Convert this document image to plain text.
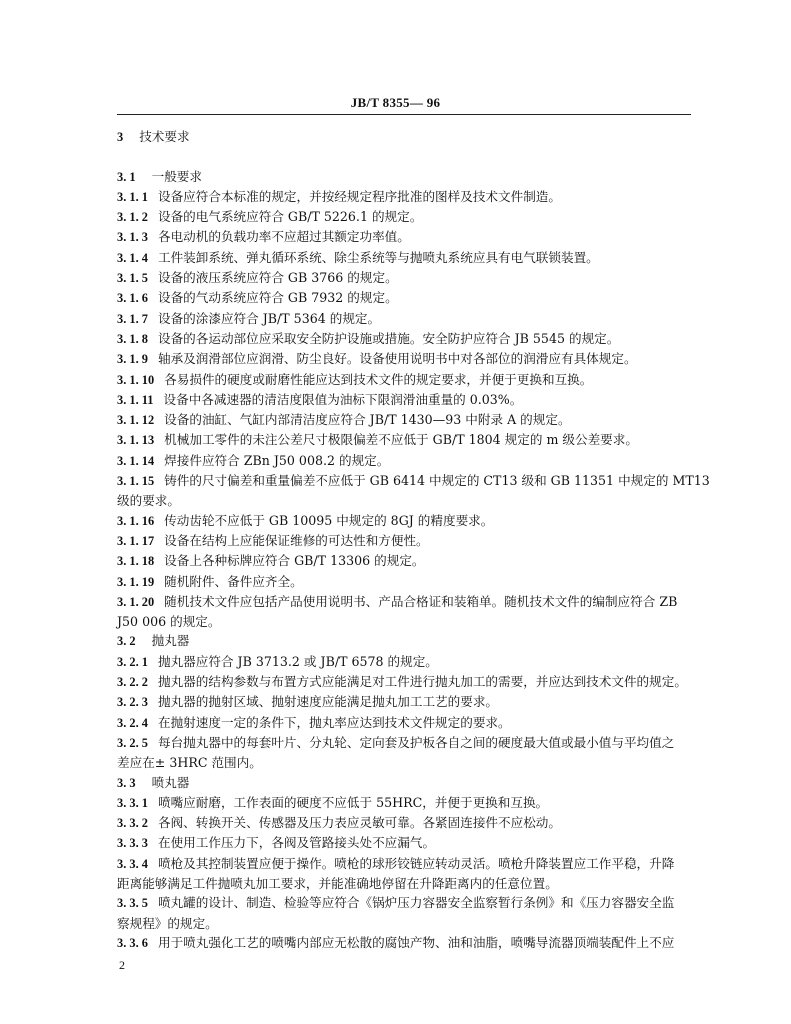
JB/T 8355— 96
3 技术要求

3. 1 一般要求
3. 1. 1 设备应符合本标准的规定，并按经规定程序批准的图样及技术文件制造。
3. 1. 2 设备的电气系统应符合 GB/T 5226.1 的规定。
3. 1. 3 各电动机的负载功率不应超过其额定功率值。
3. 1. 4 工件装卸系统、弹丸循环系统、除尘系统等与抛喷丸系统应具有电气联锁装置。
3. 1. 5 设备的液压系统应符合 GB 3766 的规定。
3. 1. 6 设备的气动系统应符合 GB 7932 的规定。
3. 1. 7 设备的涂漆应符合 JB/T 5364 的规定。
3. 1. 8 设备的各运动部位应采取安全防护设施或措施。安全防护应符合 JB 5545 的规定。
3. 1. 9 轴承及润滑部位应润滑、防尘良好。设备使用说明书中对各部位的润滑应有具体规定。
3. 1. 10 各易损件的硬度或耐磨性能应达到技术文件的规定要求，并便于更换和互换。
3. 1. 11 设备中各减速器的清洁度限值为油标下限润滑油重量的 0.03%。
3. 1. 12 设备的油缸、气缸内部清洁度应符合 JB/T 1430—93 中附录 A 的规定。
3. 1. 13 机械加工零件的未注公差尺寸极限偏差不应低于 GB/T 1804 规定的 m 级公差要求。
3. 1. 14 焊接件应符合 ZBn J50 008.2 的规定。
3. 1. 15 铸件的尺寸偏差和重量偏差不应低于 GB 6414 中规定的 CT13 级和 GB 11351 中规定的 MT13
级的要求。
3. 1. 16 传动齿轮不应低于 GB 10095 中规定的 8GJ 的精度要求。
3. 1. 17 设备在结构上应能保证维修的可达性和方便性。
3. 1. 18 设备上各种标牌应符合 GB/T 13306 的规定。
3. 1. 19 随机附件、备件应齐全。
3. 1. 20 随机技术文件应包括产品使用说明书、产品合格证和装箱单。随机技术文件的编制应符合 ZB
J50 006 的规定。
3. 2 抛丸器
3. 2. 1 抛丸器应符合 JB 3713.2 或 JB/T 6578 的规定。
3. 2. 2 抛丸器的结构参数与布置方式应能满足对工件进行抛丸加工的需要，并应达到技术文件的规定。
3. 2. 3 抛丸器的抛射区域、抛射速度应能满足抛丸加工工艺的要求。
3. 2. 4 在抛射速度一定的条件下，抛丸率应达到技术文件规定的要求。
3. 2. 5 每台抛丸器中的每套叶片、分丸轮、定向套及护板各自之间的硬度最大值或最小值与平均值之
差应在± 3HRC 范围内。
3. 3 喷丸器
3. 3. 1 喷嘴应耐磨，工作表面的硬度不应低于 55HRC，并便于更换和互换。
3. 3. 2 各阀、转换开关、传感器及压力表应灵敏可靠。各紧固连接件不应松动。
3. 3. 3 在使用工作压力下，各阀及管路接头处不应漏气。
3. 3. 4 喷枪及其控制装置应便于操作。喷枪的球形铰链应转动灵活。喷枪升降装置应工作平稳，升降
距离能够满足工件抛喷丸加工要求，并能准确地停留在升降距离内的任意位置。
3. 3. 5 喷丸罐的设计、制造、检验等应符合《锅炉压力容器安全监察暂行条例》和《压力容器安全监
察规程》的规定。
3. 3. 6 用于喷丸强化工艺的喷嘴内部应无松散的腐蚀产物、油和油脂，喷嘴导流器顶端装配件上不应
2
